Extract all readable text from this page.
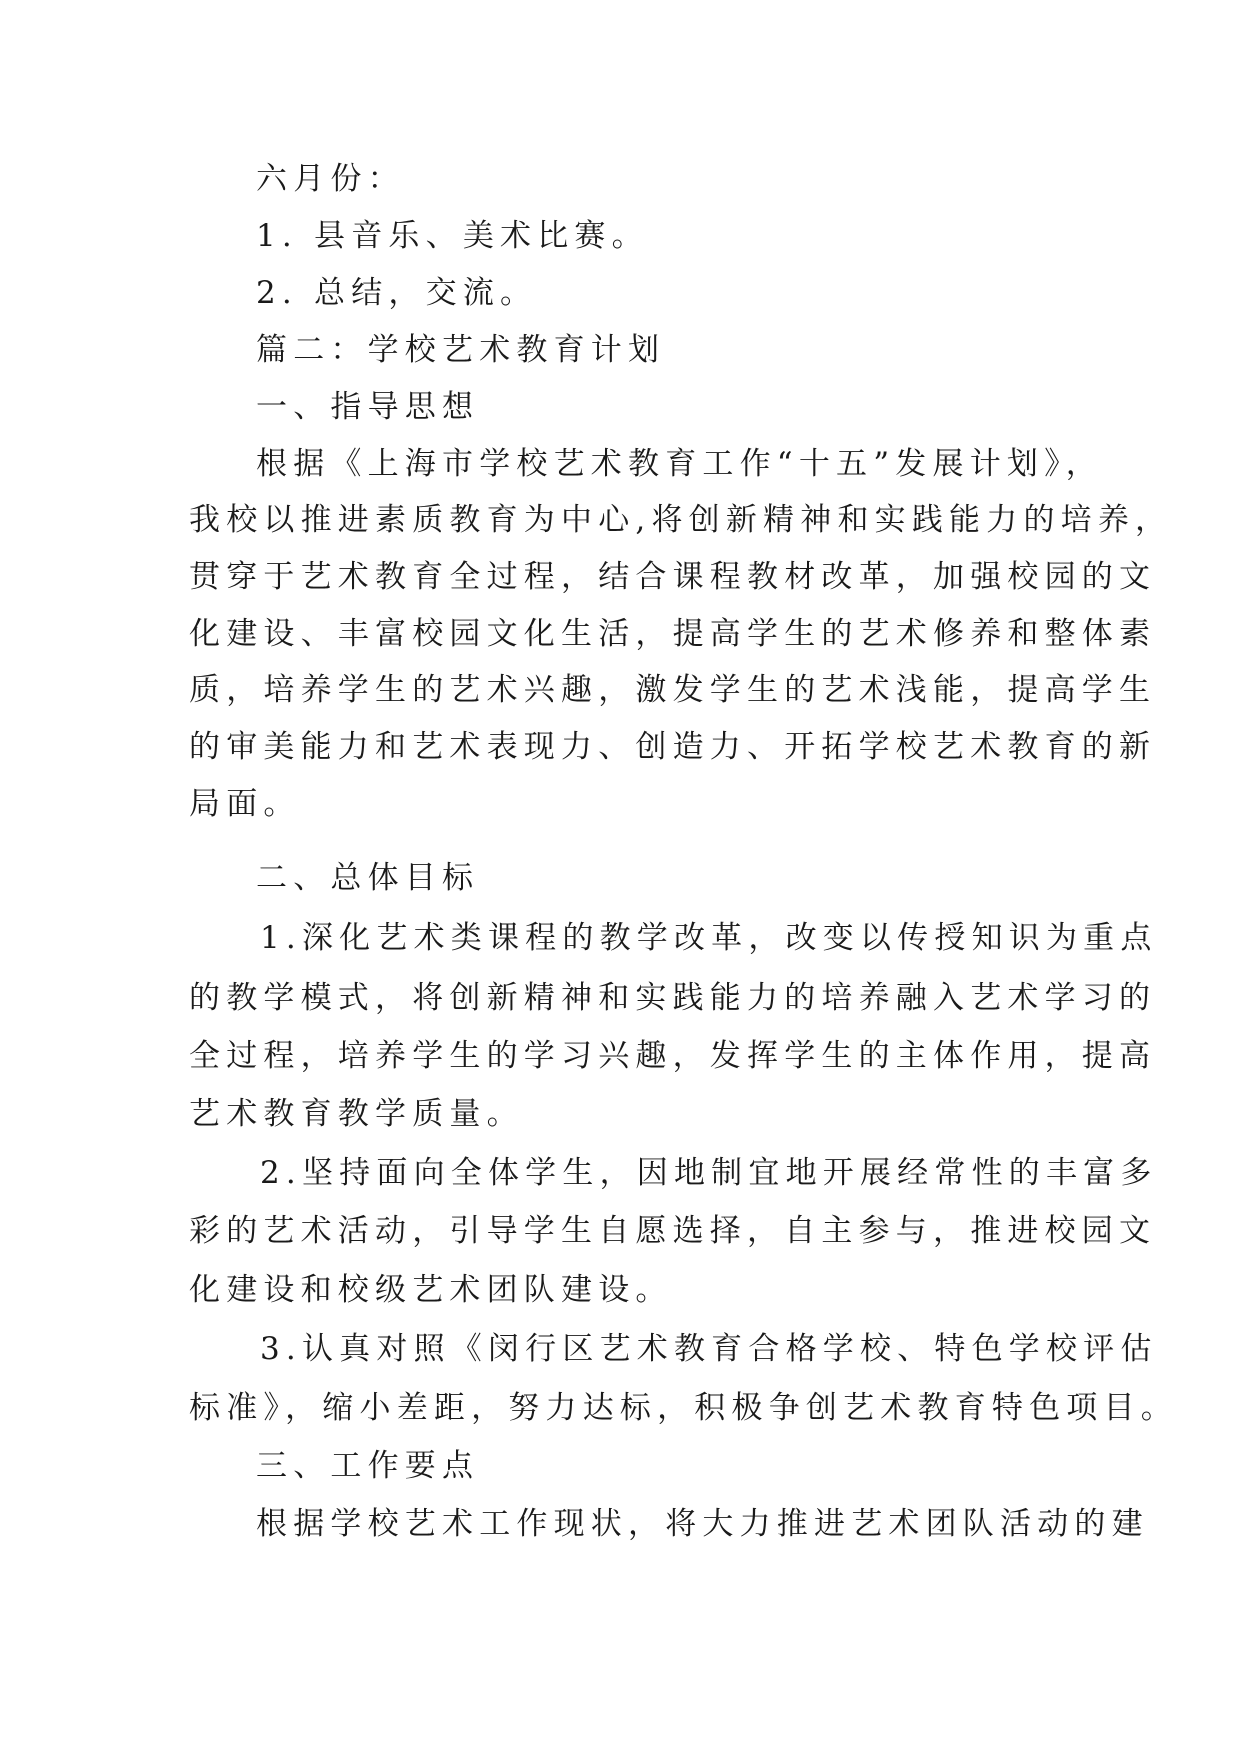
六月份：

1. 县音乐、美术比赛。

2. 总结，交流。

篇二：学校艺术教育计划

一、指导思想

根据《上海市学校艺术教育工作“十五”发展计划》，

我校以推进素质教育为中心,将创新精神和实践能力的培养，

贯穿于艺术教育全过程，结合课程教材改革，加强校园的文

化建设、丰富校园文化生活，提高学生的艺术修养和整体素

质，培养学生的艺术兴趣，激发学生的艺术浅能，提高学生

的审美能力和艺术表现力、创造力、开拓学校艺术教育的新

局面。

二、总体目标

1.深化艺术类课程的教学改革，改变以传授知识为重点

的教学模式，将创新精神和实践能力的培养融入艺术学习的

全过程，培养学生的学习兴趣，发挥学生的主体作用，提高

艺术教育教学质量。

2.坚持面向全体学生，因地制宜地开展经常性的丰富多

彩的艺术活动，引导学生自愿选择，自主参与，推进校园文

化建设和校级艺术团队建设。

3.认真对照《闵行区艺术教育合格学校、特色学校评估

标准》，缩小差距，努力达标，积极争创艺术教育特色项目。

三、工作要点

根据学校艺术工作现状，将大力推进艺术团队活动的建
